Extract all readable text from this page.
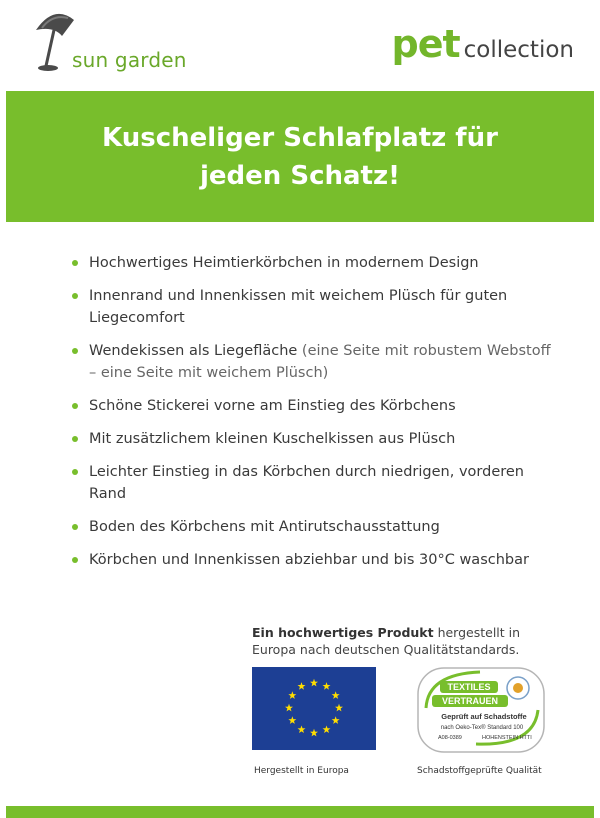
sun garden	pet collection
Kuscheliger Schlafplatz für
jeden Schatz!
Hochwertiges Heimtierkörbchen in modernem Design
Innenrand und Innenkissen mit weichem Plüsch für guten Liegecomfort
Wendekissen als Liegefläche (eine Seite mit robustem Webstoff – eine Seite mit weichem Plüsch)
Schöne Stickerei vorne am Einstieg des Körbchens
Mit zusätzlichem kleinen Kuschelkissen aus Plüsch
Leichter Einstieg in das Körbchen durch niedrigen, vorderen Rand
Boden des Körbchens mit Antirutschausstattung
Körbchen und Innenkissen abziehbar und bis 30°C waschbar
Ein hochwertiges Produkt hergestellt in Europa nach deutschen Qualitätstandards.
Hergestellt in Europa
TEXTILES
VERTRAUEN
Geprüft auf Schadstoffe
nach Oeko-Tex® Standard 100
A08-0389	HOHENSTEIN HTTI
Schadstoffgeprüfte Qualität
